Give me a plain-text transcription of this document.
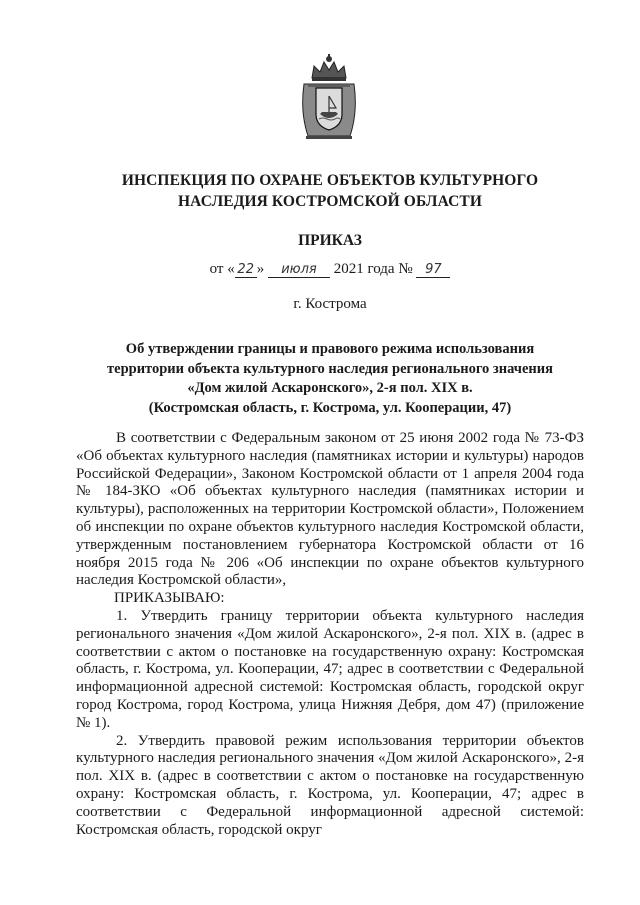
ИНСПЕКЦИЯ ПО ОХРАНЕ ОБЪЕКТОВ КУЛЬТУРНОГО
НАСЛЕДИЯ КОСТРОМСКОЙ ОБЛАСТИ
ПРИКАЗ
от « 22 » июля 2021 года № 97
г. Кострома
Об утверждении границы и правового режима использования
территории объекта культурного наследия регионального значения
«Дом жилой Аскаронского», 2-я пол. XIX в.
(Костромская область, г. Кострома, ул. Кооперации, 47)

В соответствии с Федеральным законом от 25 июня 2002 года № 73-ФЗ «Об объектах культурного наследия (памятниках истории и культуры) народов Российской Федерации», Законом Костромской области от 1 апреля 2004 года № 184-ЗКО «Об объектах культурного наследия (памятниках истории и культуры), расположенных на территории Костромской области», Положением об инспекции по охране объектов культурного наследия Костромской области, утвержденным постановлением губернатора Костромской области от 16 ноября 2015 года № 206 «Об инспекции по охране объектов культурного наследия Костромской области»,

ПРИКАЗЫВАЮ:

1. Утвердить границу территории объекта культурного наследия регионального значения «Дом жилой Аскаронского», 2-я пол. XIX в. (адрес в соответствии с актом о постановке на государственную охрану: Костромская область, г. Кострома, ул. Кооперации, 47; адрес в соответствии с Федеральной информационной адресной системой: Костромская область, городской округ город Кострома, город Кострома, улица Нижняя Дебря, дом 47) (приложение № 1).

2. Утвердить правовой режим использования территории объектов культурного наследия регионального значения «Дом жилой Аскаронского», 2-я пол. XIX в. (адрес в соответствии с актом о постановке на государственную охрану: Костромская область, г. Кострома, ул. Кооперации, 47; адрес в соответствии с Федеральной информационной адресной системой: Костромская область, городской округ
